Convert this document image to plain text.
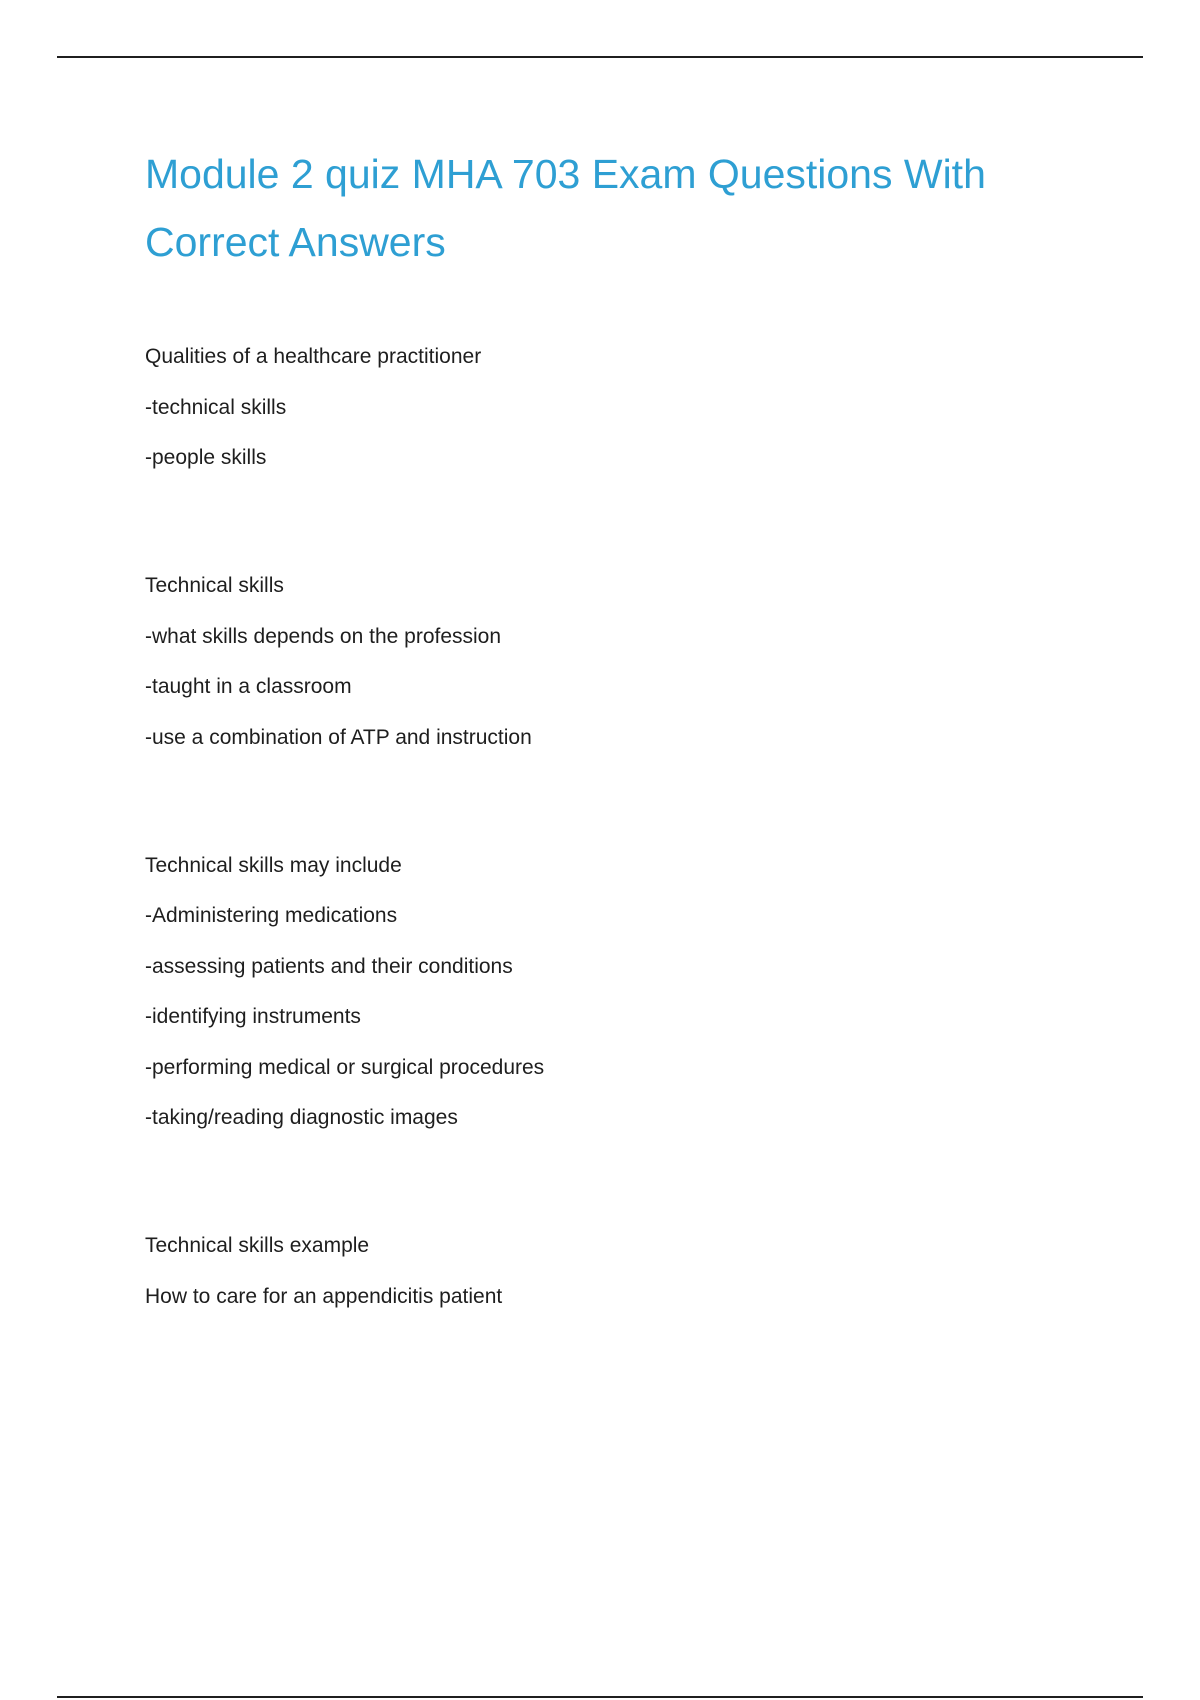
Module 2 quiz MHA 703 Exam Questions With Correct Answers
Qualities of a healthcare practitioner
-technical skills
-people skills
Technical skills
-what skills depends on the profession
-taught in a classroom
-use a combination of ATP and instruction
Technical skills may include
-Administering medications
-assessing patients and their conditions
-identifying instruments
-performing medical or surgical procedures
-taking/reading diagnostic images
Technical skills example
How to care for an appendicitis patient
